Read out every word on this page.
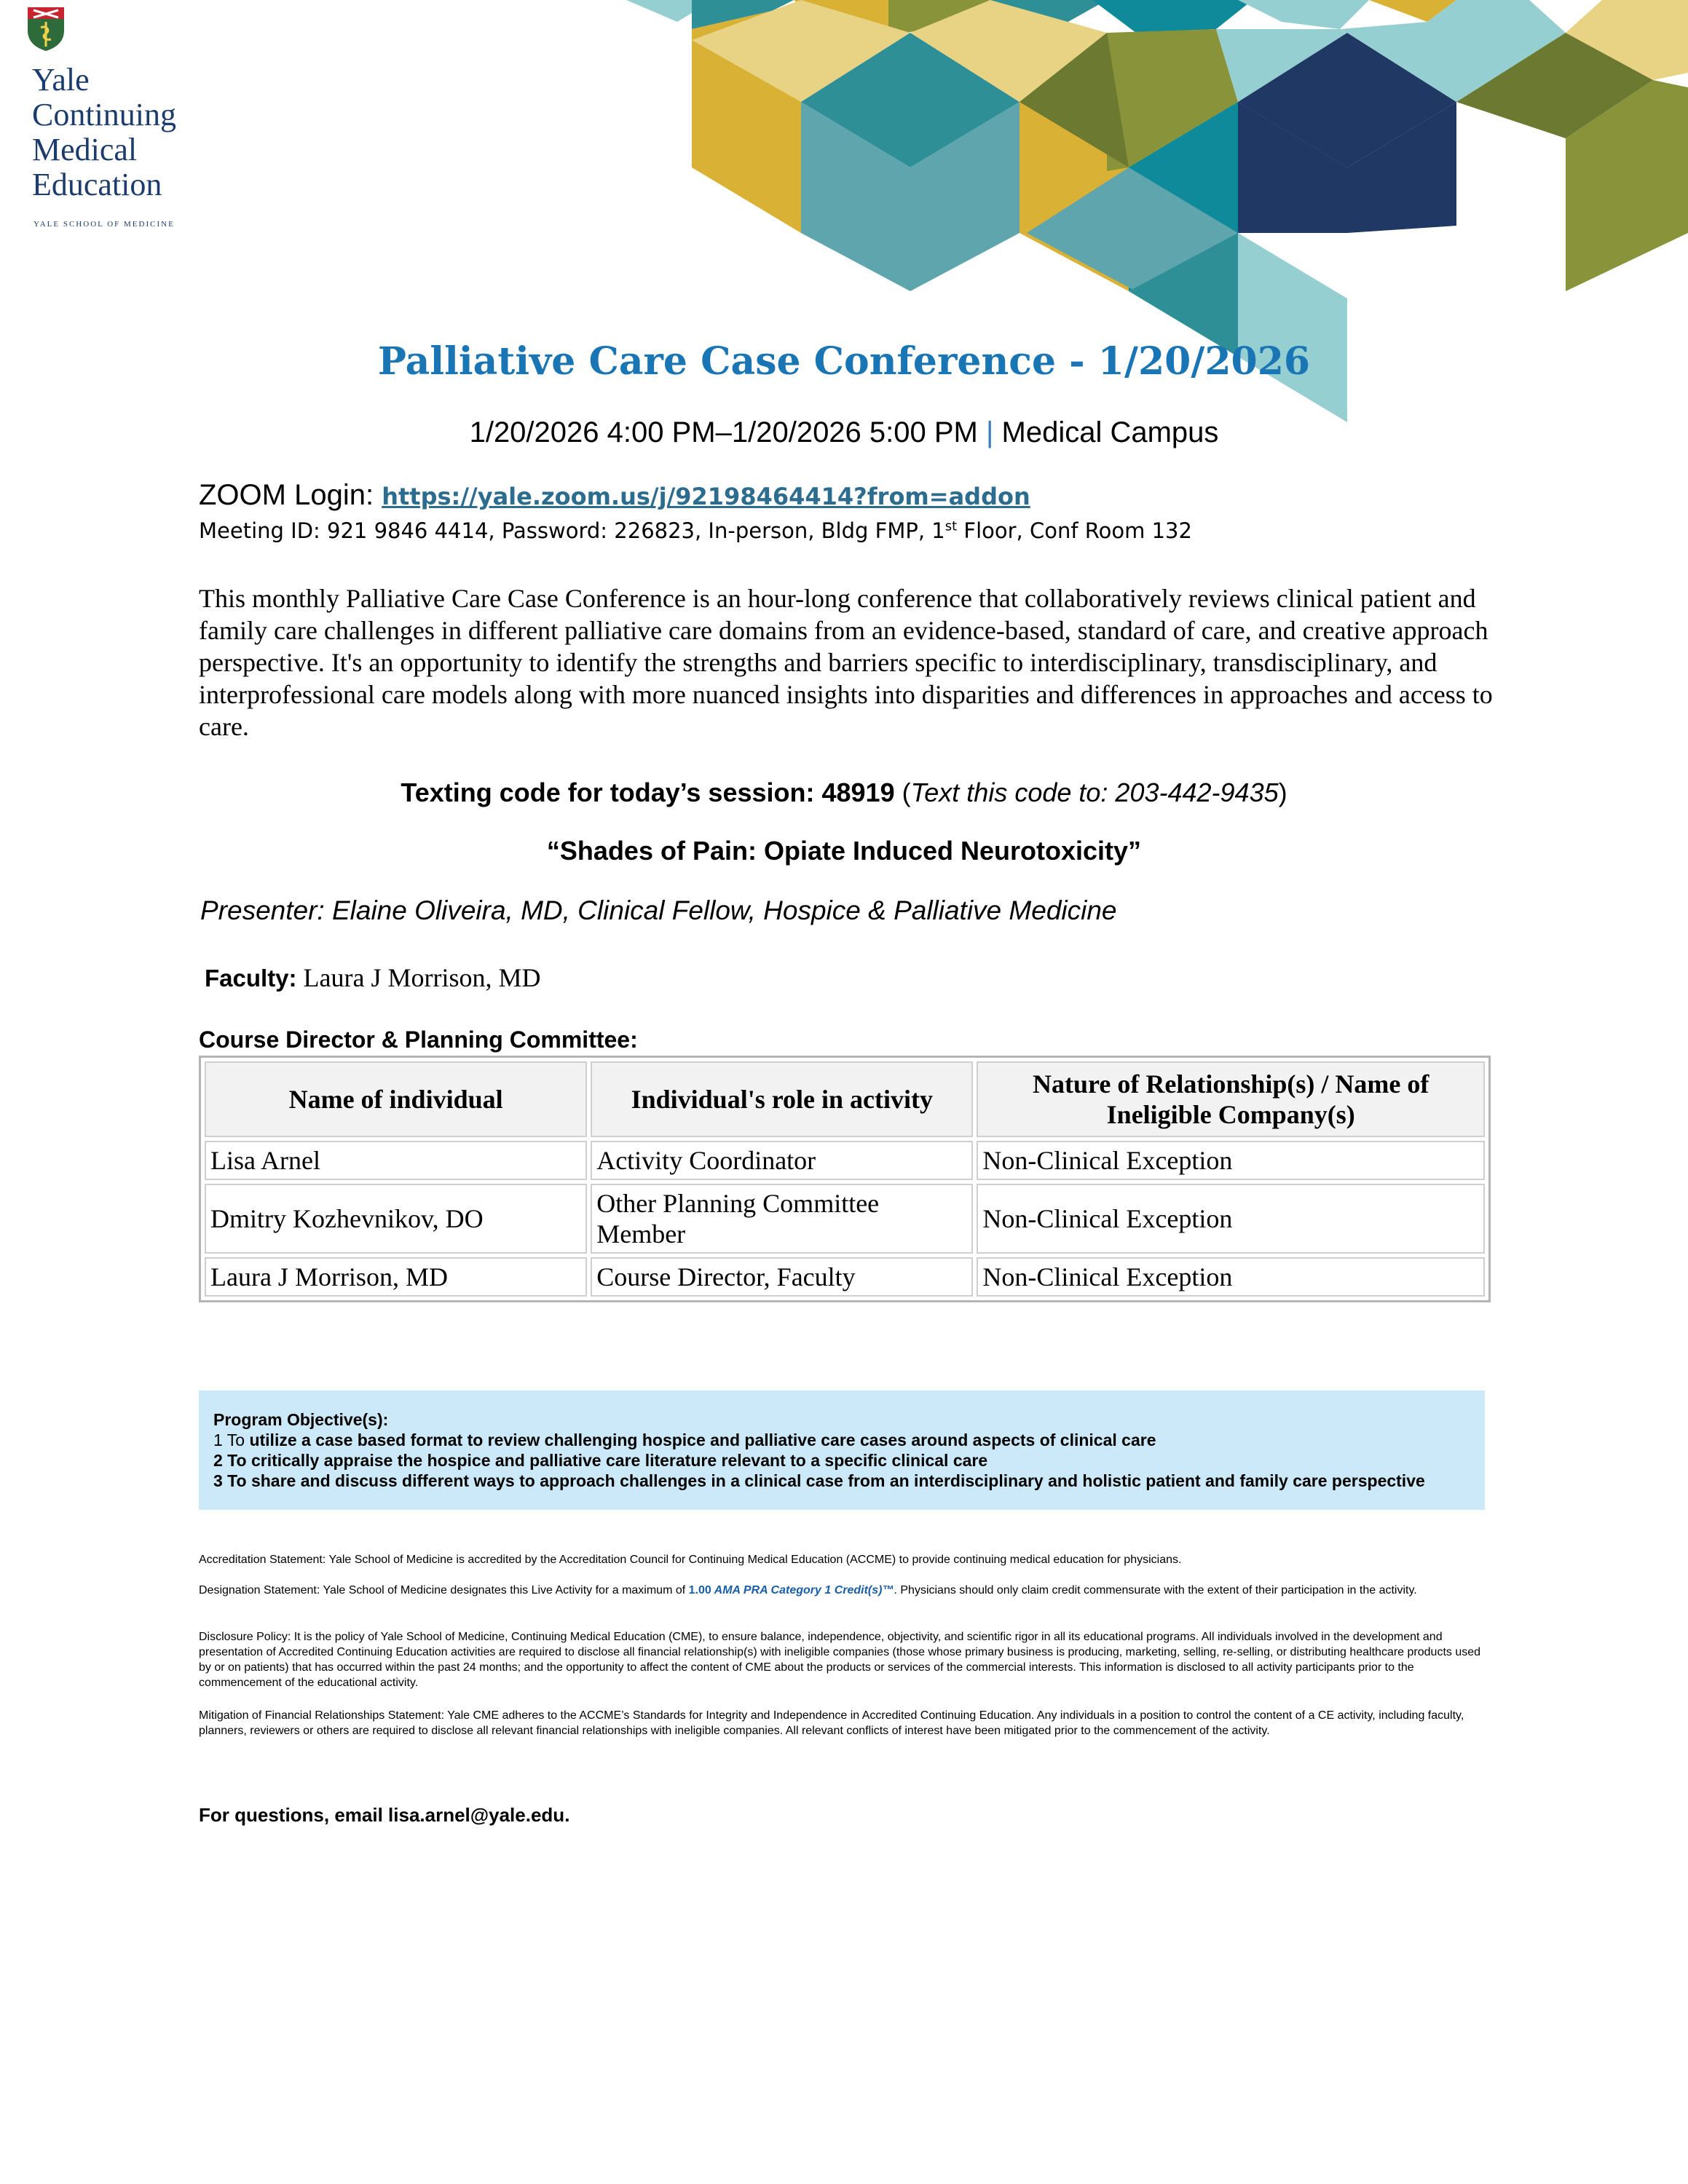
Yale
Continuing
Medical
Education
YALE SCHOOL OF MEDICINE
Palliative Care Case Conference - 1/20/2026
1/20/2026 4:00 PM–1/20/2026 5:00 PM | Medical Campus
ZOOM Login: https://yale.zoom.us/j/92198464414?from=addon
Meeting ID: 921 9846 4414, Password: 226823, In-person, Bldg FMP, 1st Floor, Conf Room 132
This monthly Palliative Care Case Conference is an hour-long conference that collaboratively reviews clinical patient and family care challenges in different palliative care domains from an evidence-based, standard of care, and creative approach perspective. It's an opportunity to identify the strengths and barriers specific to interdisciplinary, transdisciplinary, and interprofessional care models along with more nuanced insights into disparities and differences in approaches and access to care.
Texting code for today’s session: 48919 (Text this code to: 203-442-9435)
“Shades of Pain: Opiate Induced Neurotoxicity”
Presenter: Elaine Oliveira, MD, Clinical Fellow, Hospice & Palliative Medicine
Faculty: Laura J Morrison, MD
Course Director & Planning Committee:
Name of individual	Individual's role in activity	Nature of Relationship(s) / Name of Ineligible Company(s)
Lisa Arnel	Activity Coordinator	Non-Clinical Exception
Dmitry Kozhevnikov, DO	Other Planning Committee Member	Non-Clinical Exception
Laura J Morrison, MD	Course Director, Faculty	Non-Clinical Exception
Program Objective(s):
1 To utilize a case based format to review challenging hospice and palliative care cases around aspects of clinical care
2 To critically appraise the hospice and palliative care literature relevant to a specific clinical care
3 To share and discuss different ways to approach challenges in a clinical case from an interdisciplinary and holistic patient and family care perspective
Accreditation Statement: Yale School of Medicine is accredited by the Accreditation Council for Continuing Medical Education (ACCME) to provide continuing medical education for physicians.
Designation Statement: Yale School of Medicine designates this Live Activity for a maximum of 1.00 AMA PRA Category 1 Credit(s)™. Physicians should only claim credit commensurate with the extent of their participation in the activity.
Disclosure Policy: It is the policy of Yale School of Medicine, Continuing Medical Education (CME), to ensure balance, independence, objectivity, and scientific rigor in all its educational programs. All individuals involved in the development and presentation of Accredited Continuing Education activities are required to disclose all financial relationship(s) with ineligible companies (those whose primary business is producing, marketing, selling, re-selling, or distributing healthcare products used by or on patients) that has occurred within the past 24 months; and the opportunity to affect the content of CME about the products or services of the commercial interests. This information is disclosed to all activity participants prior to the commencement of the educational activity.
Mitigation of Financial Relationships Statement: Yale CME adheres to the ACCME’s Standards for Integrity and Independence in Accredited Continuing Education. Any individuals in a position to control the content of a CE activity, including faculty, planners, reviewers or others are required to disclose all relevant financial relationships with ineligible companies. All relevant conflicts of interest have been mitigated prior to the commencement of the activity.
For questions, email lisa.arnel@yale.edu.
